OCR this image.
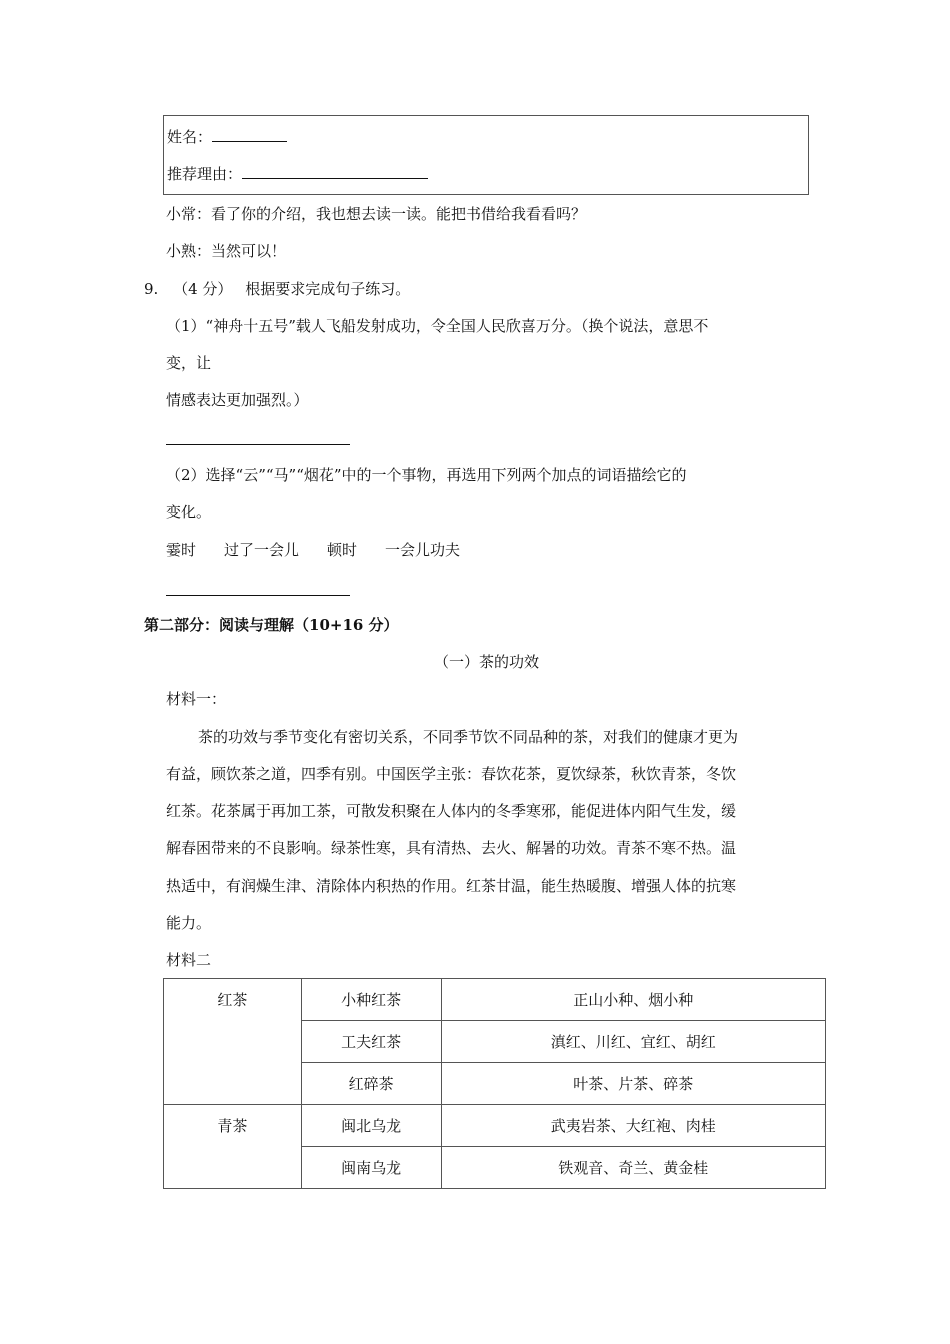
姓名：
推荐理由：
小常：看了你的介绍，我也想去读一读。能把书借给我看看吗？
小熟：当然可以！
9. （4 分） 根据要求完成句子练习。
（1）“神舟十五号”载人飞船发射成功，令全国人民欣喜万分。（换个说法，意思不
变，让
情感表达更加强烈。）
（2）选择“云”“马”“烟花”中的一个事物，再选用下列两个加点的词语描绘它的
变化。
霎时 过了一会儿 顿时 一会儿功夫
第二部分：阅读与理解（10+16 分）
（一）茶的功效
材料一：
茶的功效与季节变化有密切关系，不同季节饮不同品种的茶，对我们的健康才更为
有益，顾饮茶之道，四季有别。中国医学主张：春饮花茶，夏饮绿茶，秋饮青茶，冬饮
红茶。花茶属于再加工茶，可散发积聚在人体内的冬季寒邪，能促进体内阳气生发，缓
解春困带来的不良影响。绿茶性寒，具有清热、去火、解暑的功效。青茶不寒不热。温
热适中，有润燥生津、清除体内积热的作用。红茶甘温，能生热暖腹、增强人体的抗寒
能力。
材料二
红茶	小种红茶	正山小种、烟小种
	工夫红茶	滇红、川红、宜红、胡红
	红碎茶	叶茶、片茶、碎茶
青茶	闽北乌龙	武夷岩茶、大红袍、肉桂
	闽南乌龙	铁观音、奇兰、黄金桂
